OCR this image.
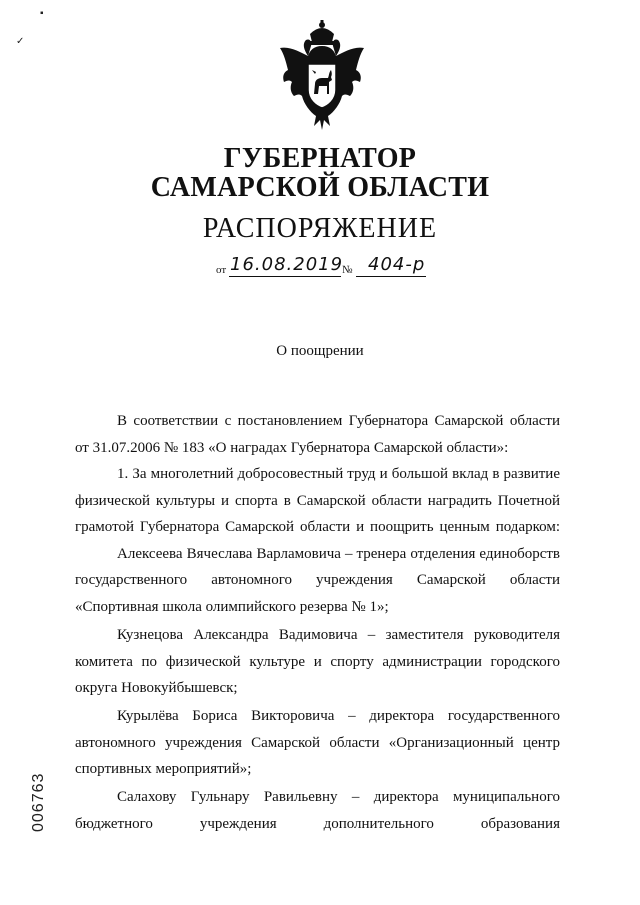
▪
✓
ГУБЕРНАТОР
САМАРСКОЙ ОБЛАСТИ
РАСПОРЯЖЕНИЕ
от 16.08.2019
№ 404-р
О поощрении
В соответствии с постановлением Губернатора Самарской области
от 31.07.2006 № 183 «О наградах Губернатора Самарской области»:
1. За многолетний добросовестный труд и большой вклад в развитие
физической культуры и спорта в Самарской области наградить Почетной
грамотой Губернатора Самарской области и поощрить ценным подарком:
Алексеева Вячеслава Варламовича – тренера отделения единоборств
государственного автономного учреждения Самарской области
«Спортивная школа олимпийского резерва № 1»;
Кузнецова Александра Вадимовича – заместителя руководителя
комитета по физической культуре и спорту администрации городского
округа Новокуйбышевск;
Курылёва Бориса Викторовича – директора государственного
автономного учреждения Самарской области «Организационный центр
спортивных мероприятий»;
Салахову Гульнару Равильевну – директора муниципального
бюджетного учреждения дополнительного образования
006763
